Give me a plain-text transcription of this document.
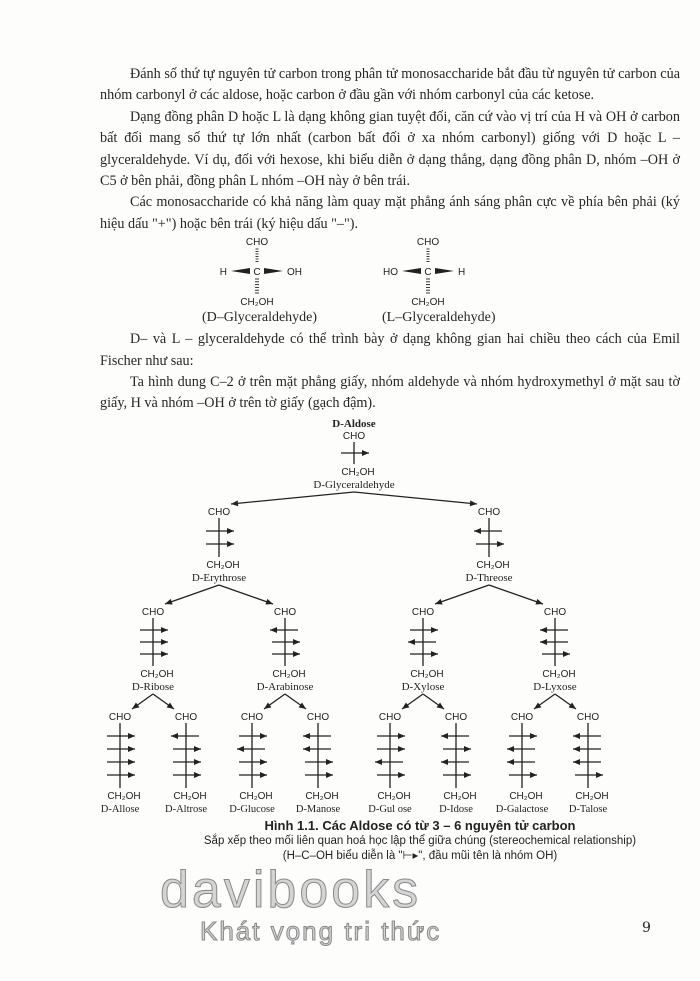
Đánh số thứ tự nguyên tử carbon trong phân tử monosaccharide bắt đầu từ nguyên tử carbon của nhóm carbonyl ở các aldose, hoặc carbon ở đầu gần với nhóm carbonyl của các ketose.

Dạng đồng phân D hoặc L là dạng không gian tuyệt đối, căn cứ vào vị trí của H và OH ở carbon bất đối mang số thứ tự lớn nhất (carbon bất đối ở xa nhóm carbonyl) giống với D hoặc L – glyceraldehyde. Ví dụ, đối với hexose, khi biểu diễn ở dạng thẳng, dạng đồng phân D, nhóm –OH ở C5 ở bên phải, đồng phân L nhóm –OH này ở bên trái.

Các monosaccharide có khả năng làm quay mặt phẳng ánh sáng phân cực về phía bên phải (ký hiệu dấu "+") hoặc bên trái (ký hiệu dấu "–").

CHO
CH₂OH
C
H	OH
CHO
CH₂OH
C
HO	H
(D–Glyceraldehyde)	(L–Glyceraldehyde)

D– và L – glyceraldehyde có thể trình bày ở dạng không gian hai chiều theo cách của Emil Fischer như sau:

Ta hình dung C–2 ở trên mặt phẳng giấy, nhóm aldehyde và nhóm hydroxymethyl ở mặt sau tờ giấy, H và nhóm –OH ở trên tờ giấy (gạch đậm).

D-Aldose
CHO
CH₂OH
D-Glyceraldehyde
CHO
CH₂OH
D-Erythrose
CHO
CH₂OH
D-Threose
CHO
CH₂OH
D-Ribose
CHO
CH₂OH
D-Arabinose
CHO
CH₂OH
D-Xylose
CHO
CH₂OH
D-Lyxose
CHO
CH₂OH
D-Allose
CHO
CH₂OH
D-Altrose
CHO
CH₂OH
D-Glucose
CHO
CH₂OH
D-Manose
CHO
CH₂OH
D-Gul ose
CHO
CH₂OH
D-Idose
CHO
CH₂OH
D-Galactose
CHO
CH₂OH
D-Talose
Hình 1.1. Các Aldose có từ 3 – 6 nguyên tử carbon
Sắp xếp theo mối liên quan hoá học lập thể giữa chúng (stereochemical relationship)
(H–C–OH biểu diễn là "⊢▸", đầu mũi tên là nhóm OH)
davibooks
Khát vọng tri thức	9
